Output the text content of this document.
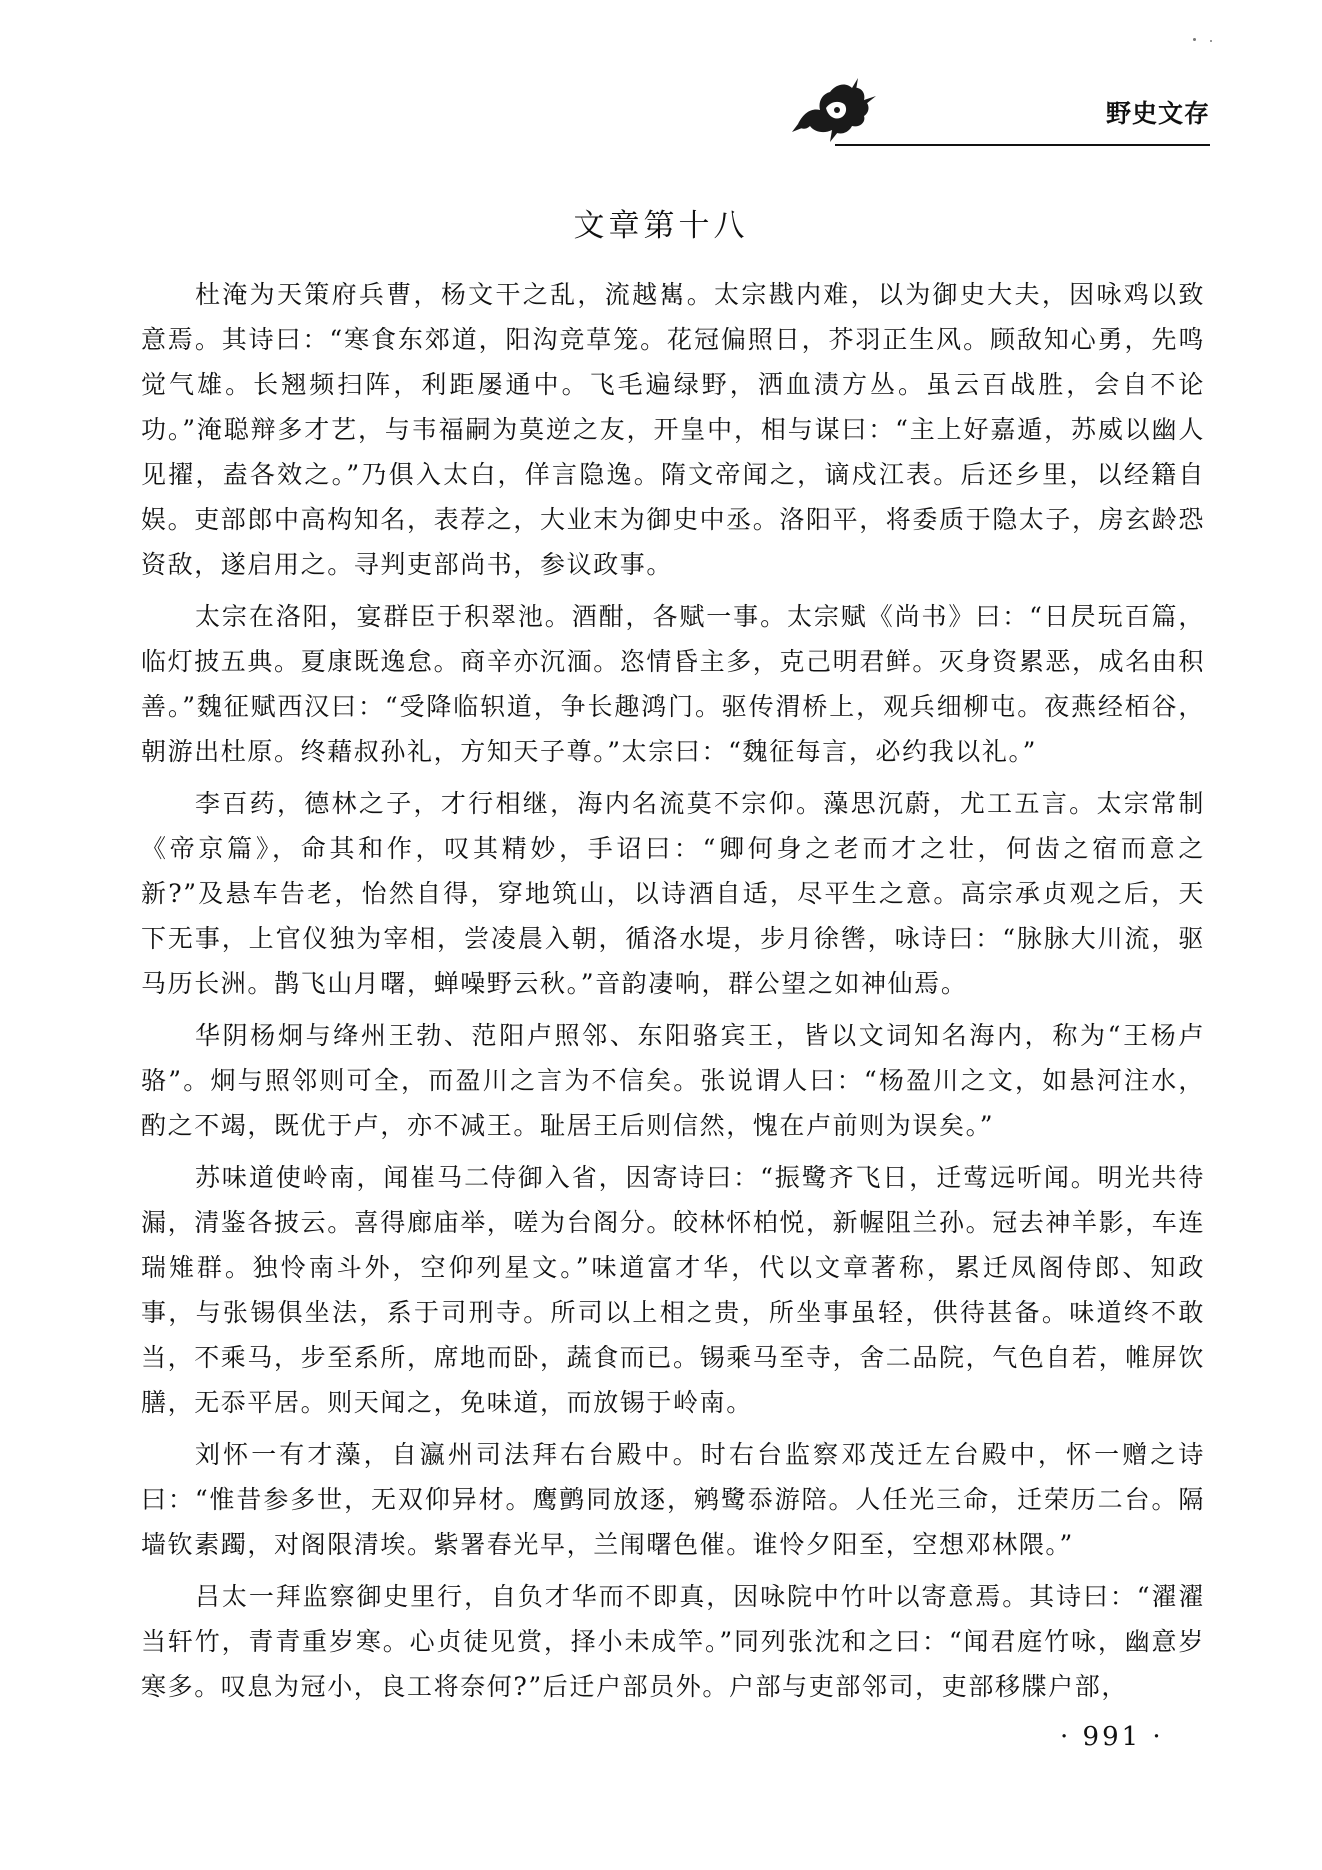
野史文存
文章第十八

杜淹为天策府兵曹，杨文干之乱，流越嶲。太宗戡内难，以为御史大夫，因咏鸡以致意焉。其诗曰：“寒食东郊道，阳沟竞草笼。花冠偏照日，芥羽正生风。顾敌知心勇，先鸣觉气雄。长翘频扫阵，利距屡通中。飞毛遍绿野，洒血渍方丛。虽云百战胜，会自不论功。”淹聪辩多才艺，与韦福嗣为莫逆之友，开皇中，相与谋曰：“主上好嘉遁，苏威以幽人见擢，盍各效之。”乃俱入太白，佯言隐逸。隋文帝闻之，谪戍江表。后还乡里，以经籍自娱。吏部郎中高构知名，表荐之，大业末为御史中丞。洛阳平，将委质于隐太子，房玄龄恐资敌，遂启用之。寻判吏部尚书，参议政事。

太宗在洛阳，宴群臣于积翠池。酒酣，各赋一事。太宗赋《尚书》曰：“日昃玩百篇，临灯披五典。夏康既逸怠。商辛亦沉湎。恣情昏主多，克己明君鲜。灭身资累恶，成名由积善。”魏征赋西汉曰：“受降临轵道，争长趣鸿门。驱传渭桥上，观兵细柳屯。夜燕经栢谷，朝游出杜原。终藉叔孙礼，方知天子尊。”太宗曰：“魏征每言，必约我以礼。”

李百药，德林之子，才行相继，海内名流莫不宗仰。藻思沉蔚，尤工五言。太宗常制《帝京篇》，命其和作，叹其精妙，手诏曰：“卿何身之老而才之壮，何齿之宿而意之新?”及悬车告老，怡然自得，穿地筑山，以诗酒自适，尽平生之意。高宗承贞观之后，天下无事，上官仪独为宰相，尝凌晨入朝，循洛水堤，步月徐辔，咏诗曰：“脉脉大川流，驱马历长洲。鹊飞山月曙，蝉噪野云秋。”音韵凄响，群公望之如神仙焉。

华阴杨炯与绛州王勃、范阳卢照邻、东阳骆宾王，皆以文词知名海内，称为“王杨卢骆”。炯与照邻则可全，而盈川之言为不信矣。张说谓人曰：“杨盈川之文，如悬河注水，酌之不竭，既优于卢，亦不减王。耻居王后则信然，愧在卢前则为误矣。”

苏味道使岭南，闻崔马二侍御入省，因寄诗曰：“振鹭齐飞日，迁莺远听闻。明光共待漏，清鉴各披云。喜得廊庙举，嗟为台阁分。皎林怀柏悦，新幄阻兰孙。冠去神羊影，车连瑞雉群。独怜南斗外，空仰列星文。”味道富才华，代以文章著称，累迁凤阁侍郎、知政事，与张锡俱坐法，系于司刑寺。所司以上相之贵，所坐事虽轻，供待甚备。味道终不敢当，不乘马，步至系所，席地而卧，蔬食而已。锡乘马至寺，舍二品院，气色自若，帷屏饮膳，无忝平居。则天闻之，免味道，而放锡于岭南。

刘怀一有才藻，自瀛州司法拜右台殿中。时右台监察邓茂迁左台殿中，怀一赠之诗曰：“惟昔参多世，无双仰异材。鹰鹯同放逐，鹓鹭忝游陪。人任光三命，迁荣历二台。隔墙钦素躅，对阁限清埃。紫署春光早，兰闱曙色催。谁怜夕阳至，空想邓林隈。”

吕太一拜监察御史里行，自负才华而不即真，因咏院中竹叶以寄意焉。其诗曰：“濯濯当轩竹，青青重岁寒。心贞徒见赏，择小未成竿。”同列张沈和之曰：“闻君庭竹咏，幽意岁寒多。叹息为冠小，良工将奈何?”后迁户部员外。户部与吏部邻司，吏部移牒户部，

· 991 ·
